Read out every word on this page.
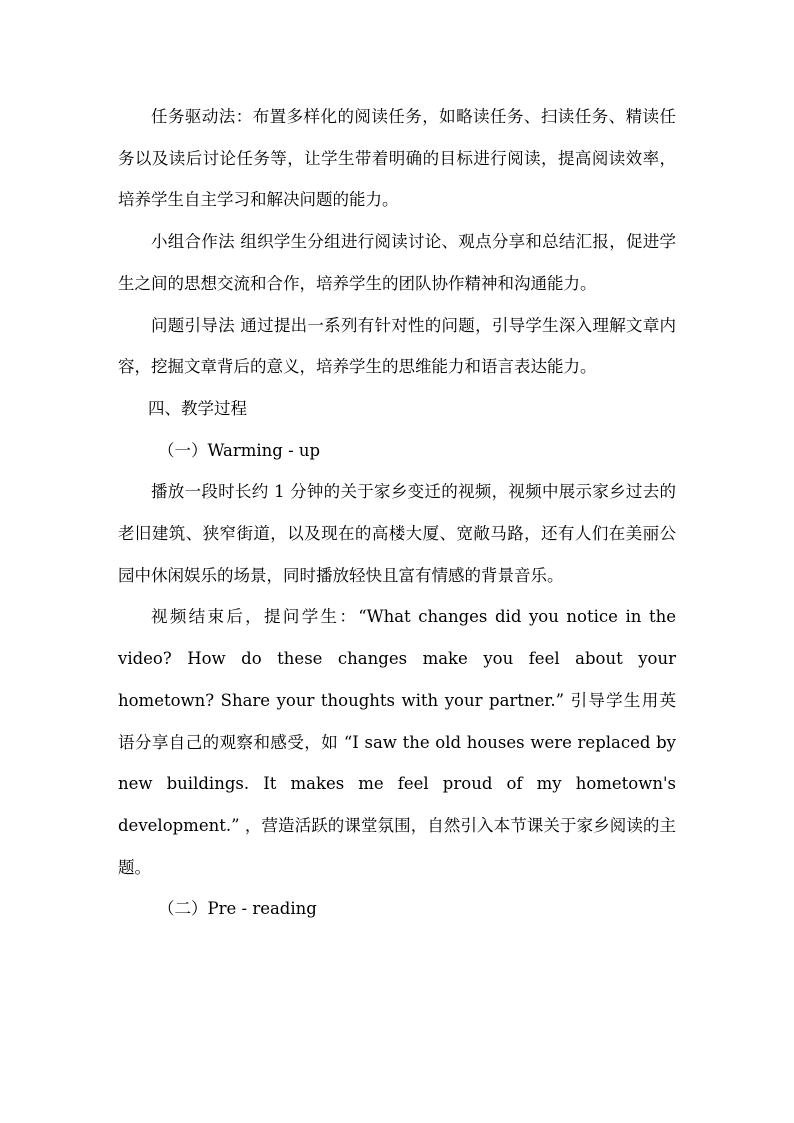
任务驱动法：布置多样化的阅读任务，如略读任务、扫读任务、精读任务以及读后讨论任务等，让学生带着明确的目标进行阅读，提高阅读效率，培养学生自主学习和解决问题的能力。

小组合作法 组织学生分组进行阅读讨论、观点分享和总结汇报，促进学生之间的思想交流和合作，培养学生的团队协作精神和沟通能力。

问题引导法 通过提出一系列有针对性的问题，引导学生深入理解文章内容，挖掘文章背后的意义，培养学生的思维能力和语言表达能力。

四、教学过程

（一）Warming - up

播放一段时长约 1 分钟的关于家乡变迁的视频，视频中展示家乡过去的老旧建筑、狭窄街道，以及现在的高楼大厦、宽敞马路，还有人们在美丽公园中休闲娱乐的场景，同时播放轻快且富有情感的背景音乐。

视频结束后，提问学生：“What changes did you notice in the video? How do these changes make you feel about your hometown? Share your thoughts with your partner.” 引导学生用英语分享自己的观察和感受，如 “I saw the old houses were replaced by new buildings. It makes me feel proud of my hometown's development.” ，营造活跃的课堂氛围，自然引入本节课关于家乡阅读的主题。

（二）Pre - reading
